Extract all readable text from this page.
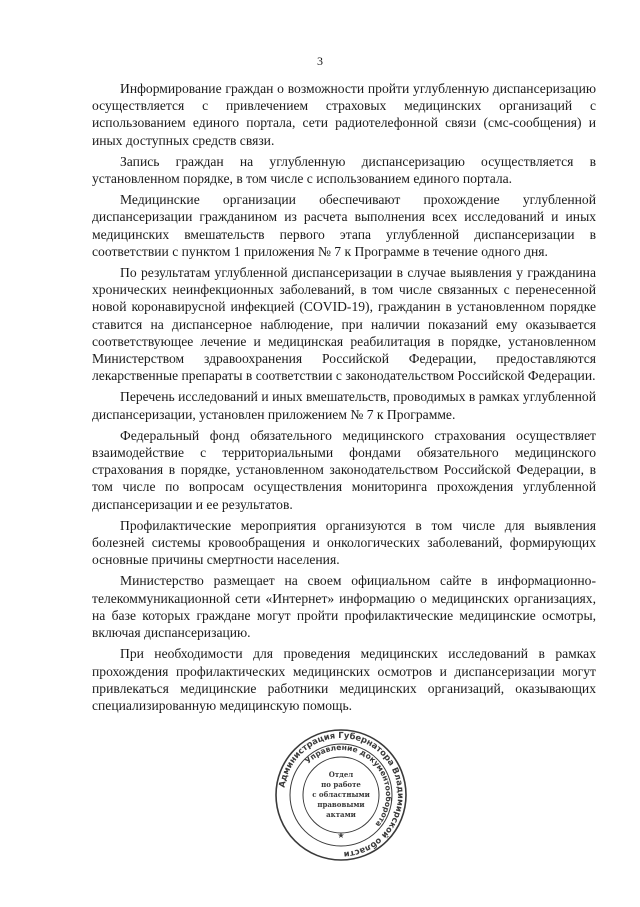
3

Информирование граждан о возможности пройти углубленную диспансеризацию осуществляется с привлечением страховых медицинских организаций с использованием единого портала, сети радиотелефонной связи (смс-сообщения) и иных доступных средств связи.

Запись граждан на углубленную диспансеризацию осуществляется в установленном порядке, в том числе с использованием единого портала.

Медицинские организации обеспечивают прохождение углубленной диспансеризации гражданином из расчета выполнения всех исследований и иных медицинских вмешательств первого этапа углубленной диспансеризации в соответствии с пунктом 1 приложения № 7 к Программе в течение одного дня.

По результатам углубленной диспансеризации в случае выявления у гражданина хронических неинфекционных заболеваний, в том числе связанных с перенесенной новой коронавирусной инфекцией (COVID-19), гражданин в установленном порядке ставится на диспансерное наблюдение, при наличии показаний ему оказывается соответствующее лечение и медицинская реабилитация в порядке, установленном Министерством здравоохранения Российской Федерации, предоставляются лекарственные препараты в соответствии с законодательством Российской Федерации.

Перечень исследований и иных вмешательств, проводимых в рамках углубленной диспансеризации, установлен приложением № 7 к Программе.

Федеральный фонд обязательного медицинского страхования осуществляет взаимодействие с территориальными фондами обязательного медицинского страхования в порядке, установленном законодательством Российской Федерации, в том числе по вопросам осуществления мониторинга прохождения углубленной диспансеризации и ее результатов.

Профилактические мероприятия организуются в том числе для выявления болезней системы кровообращения и онкологических заболеваний, формирующих основные причины смертности населения.

Министерство размещает на своем официальном сайте в информационно-телекоммуникационной сети «Интернет» информацию о медицинских организациях, на базе которых граждане могут пройти профилактические медицинские осмотры, включая диспансеризацию.

При необходимости для проведения медицинских исследований в рамках прохождения профилактических медицинских осмотров и диспансеризации могут привлекаться медицинские работники медицинских организаций, оказывающих специализированную медицинскую помощь.

Администрация Губернатора Владимирской области
Управление документооборота
Отдел
по работе
с областными
правовыми
актами
★
